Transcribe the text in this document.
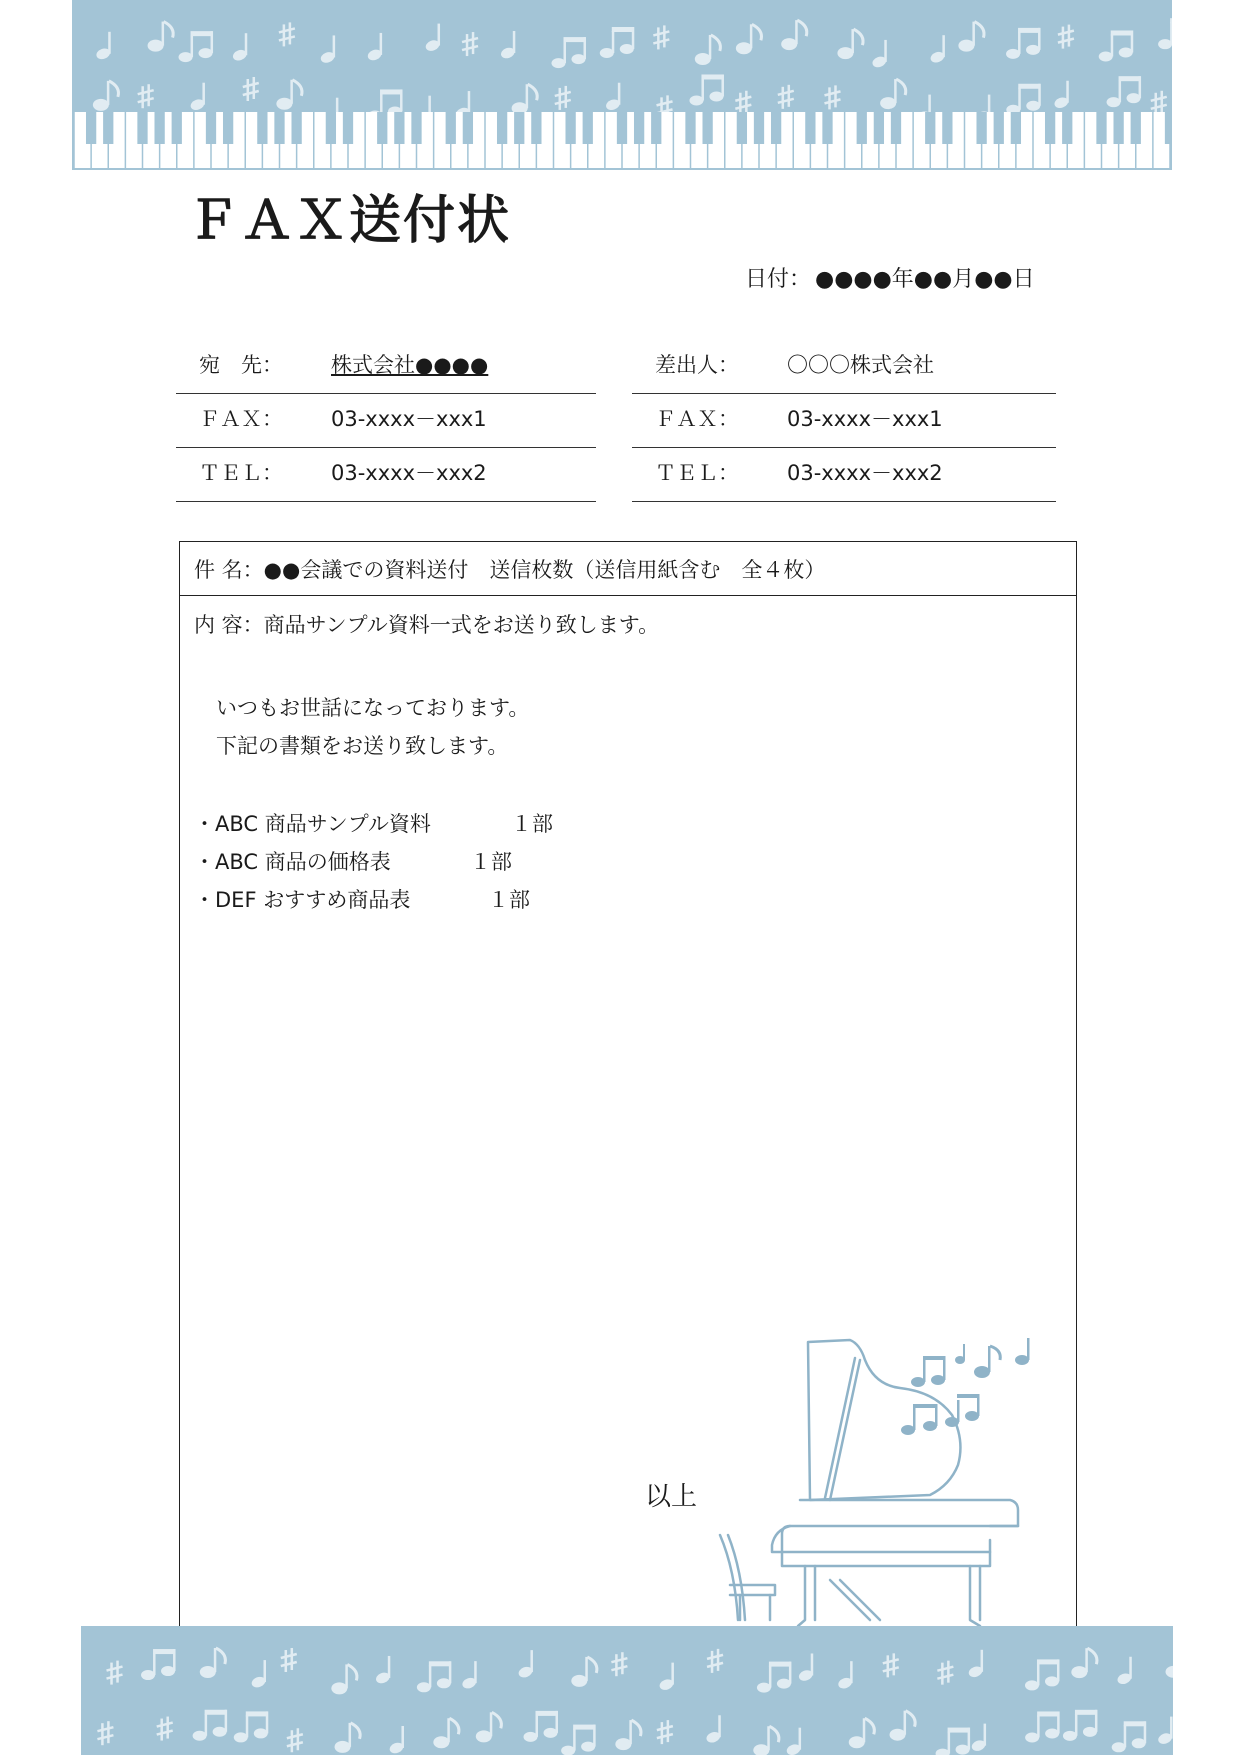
ＦＡＸ送付状
日付： ●●●●年●●月●●日
宛　先：	株式会社●●●●
ＦＡＸ：	03-xxxx－xxx1
ＴＥＬ：	03-xxxx－xxx2
差出人：	〇〇〇株式会社
ＦＡＸ：	03-xxxx－xxx1
ＴＥＬ：	03-xxxx－xxx2
件 名：●●会議での資料送付　送信枚数（送信用紙含む　全４枚）
内 容：商品サンプル資料一式をお送り致します。
いつもお世話になっております。
下記の書類をお送り致します。
・ABC 商品サンプル資料	１部
・ABC 商品の価格表	１部
・DEF おすすめ商品表	１部
以上
